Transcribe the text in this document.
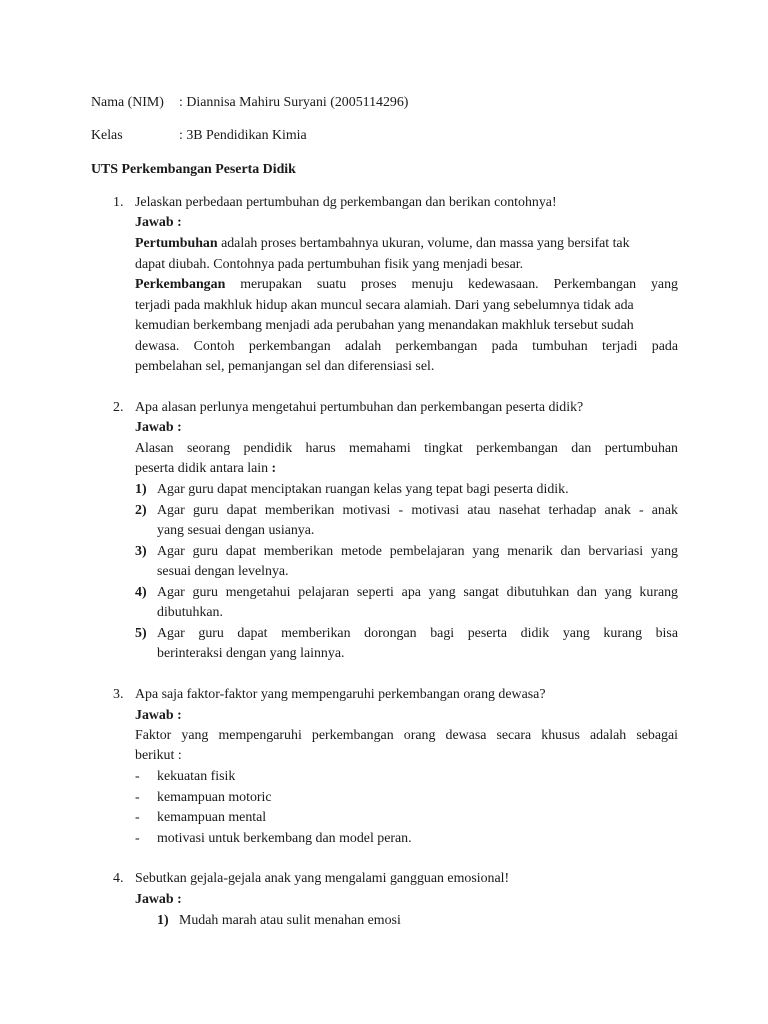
Nama (NIM) : Diannisa Mahiru Suryani (2005114296)
Kelas	: 3B Pendidikan Kimia
UTS Perkembangan Peserta Didik
1. Jelaskan perbedaan pertumbuhan dg perkembangan dan berikan contohnya!
Jawab :
Pertumbuhan adalah proses bertambahnya ukuran, volume, dan massa yang bersifat tak
dapat diubah. Contohnya pada pertumbuhan fisik yang menjadi besar.
Perkembangan merupakan suatu proses menuju kedewasaan. Perkembangan yang
terjadi pada makhluk hidup akan muncul secara alamiah. Dari yang sebelumnya tidak ada
kemudian berkembang menjadi ada perubahan yang menandakan makhluk tersebut sudah
dewasa. Contoh perkembangan adalah perkembangan pada tumbuhan terjadi pada
pembelahan sel, pemanjangan sel dan diferensiasi sel.
2. Apa alasan perlunya mengetahui pertumbuhan dan perkembangan peserta didik?
Jawab :
Alasan seorang pendidik harus memahami tingkat perkembangan dan pertumbuhan
peserta didik antara lain :
1) Agar guru dapat menciptakan ruangan kelas yang tepat bagi peserta didik.
2) Agar guru dapat memberikan motivasi - motivasi atau nasehat terhadap anak - anak
yang sesuai dengan usianya.
3) Agar guru dapat memberikan metode pembelajaran yang menarik dan bervariasi yang
sesuai dengan levelnya.
4) Agar guru mengetahui pelajaran seperti apa yang sangat dibutuhkan dan yang kurang
dibutuhkan.
5) Agar guru dapat memberikan dorongan bagi peserta didik yang kurang bisa
berinteraksi dengan yang lainnya.
3. Apa saja faktor-faktor yang mempengaruhi perkembangan orang dewasa?
Jawab :
Faktor yang mempengaruhi perkembangan orang dewasa secara khusus adalah sebagai
berikut :
- kekuatan fisik
- kemampuan motoric
- kemampuan mental
- motivasi untuk berkembang dan model peran.
4. Sebutkan gejala-gejala anak yang mengalami gangguan emosional!
Jawab :
1) Mudah marah atau sulit menahan emosi
